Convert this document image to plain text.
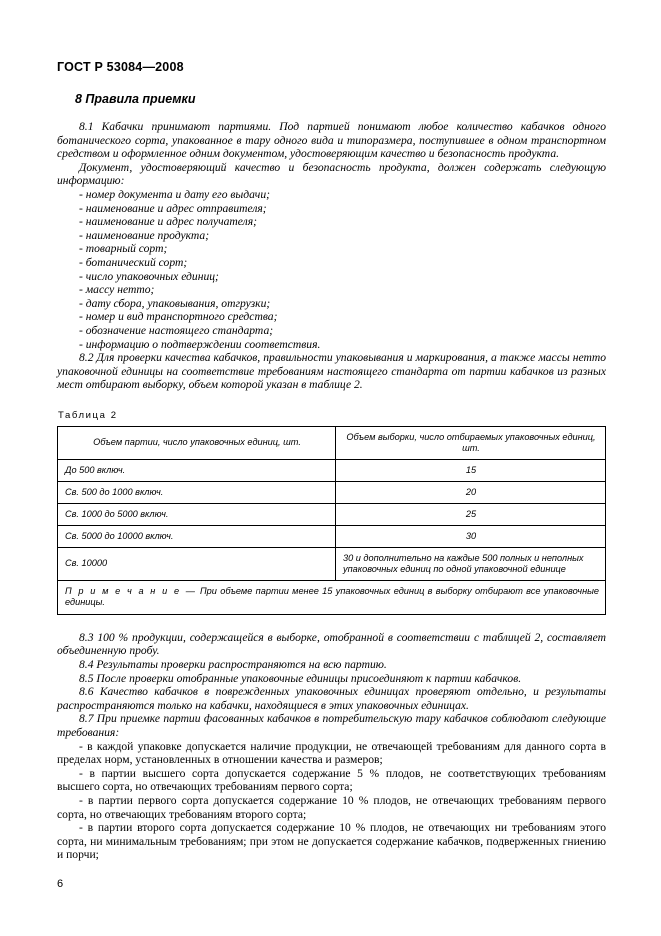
ГОСТ Р 53084—2008
8 Правила приемки

8.1 Кабачки принимают партиями. Под партией понимают любое количество кабачков одного ботанического сорта, упакованное в тару одного вида и типоразмера, поступившее в одном транспортном средством и оформленное одним документом, удостоверяющим качество и безопасность продукта.

Документ, удостоверяющий качество и безопасность продукта, должен содержать следующую информацию:

- номер документа и дату его выдачи;

- наименование и адрес отправителя;

- наименование и адрес получателя;

- наименование продукта;

- товарный сорт;

- ботанический сорт;

- число упаковочных единиц;

- массу нетто;

- дату сбора, упаковывания, отгрузки;

- номер и вид транспортного средства;

- обозначение настоящего стандарта;

- информацию о подтверждении соответствия.

8.2 Для проверки качества кабачков, правильности упаковывания и маркирования, а также массы нетто упаковочной единицы на соответствие требованиям настоящего стандарта от партии кабачков из разных мест отбирают выборку, объем которой указан в таблице 2.

Таблица 2
Объем партии, число упаковочных единиц, шт.	Объем выборки, число отбираемых упаковочных единиц, шт.
До 500 включ.	15
Св. 500 до 1000 включ.	20
Св. 1000 до 5000 включ.	25
Св. 5000 до 10000 включ.	30
Св. 10000	30 и дополнительно на каждые 500 полных и неполных упаковочных единиц по одной упаковочной единице
П р и м е ч а н и е — При объеме партии менее 15 упаковочных единиц в выборку отбирают все упаковочные единицы.	

8.3 100 % продукции, содержащейся в выборке, отобранной в соответствии с таблицей 2, составляет объединенную пробу.

8.4 Результаты проверки распространяются на всю партию.

8.5 После проверки отобранные упаковочные единицы присоединяют к партии кабачков.

8.6 Качество кабачков в поврежденных упаковочных единицах проверяют отдельно, и результаты распространяются только на кабачки, находящиеся в этих упаковочных единицах.

8.7 При приемке партии фасованных кабачков в потребительскую тару кабачков соблюдают следующие требования:

- в каждой упаковке допускается наличие продукции, не отвечающей требованиям для данного сорта в пределах норм, установленных в отношении качества и размеров;

- в партии высшего сорта допускается содержание 5 % плодов, не соответствующих требованиям высшего сорта, но отвечающих требованиям первого сорта;

- в партии первого сорта допускается содержание 10 % плодов, не отвечающих требованиям первого сорта, но отвечающих требованиям второго сорта;

- в партии второго сорта допускается содержание 10 % плодов, не отвечающих ни требованиям этого сорта, ни минимальным требованиям; при этом не допускается содержание кабачков, подверженных гниению и порчи;

6
